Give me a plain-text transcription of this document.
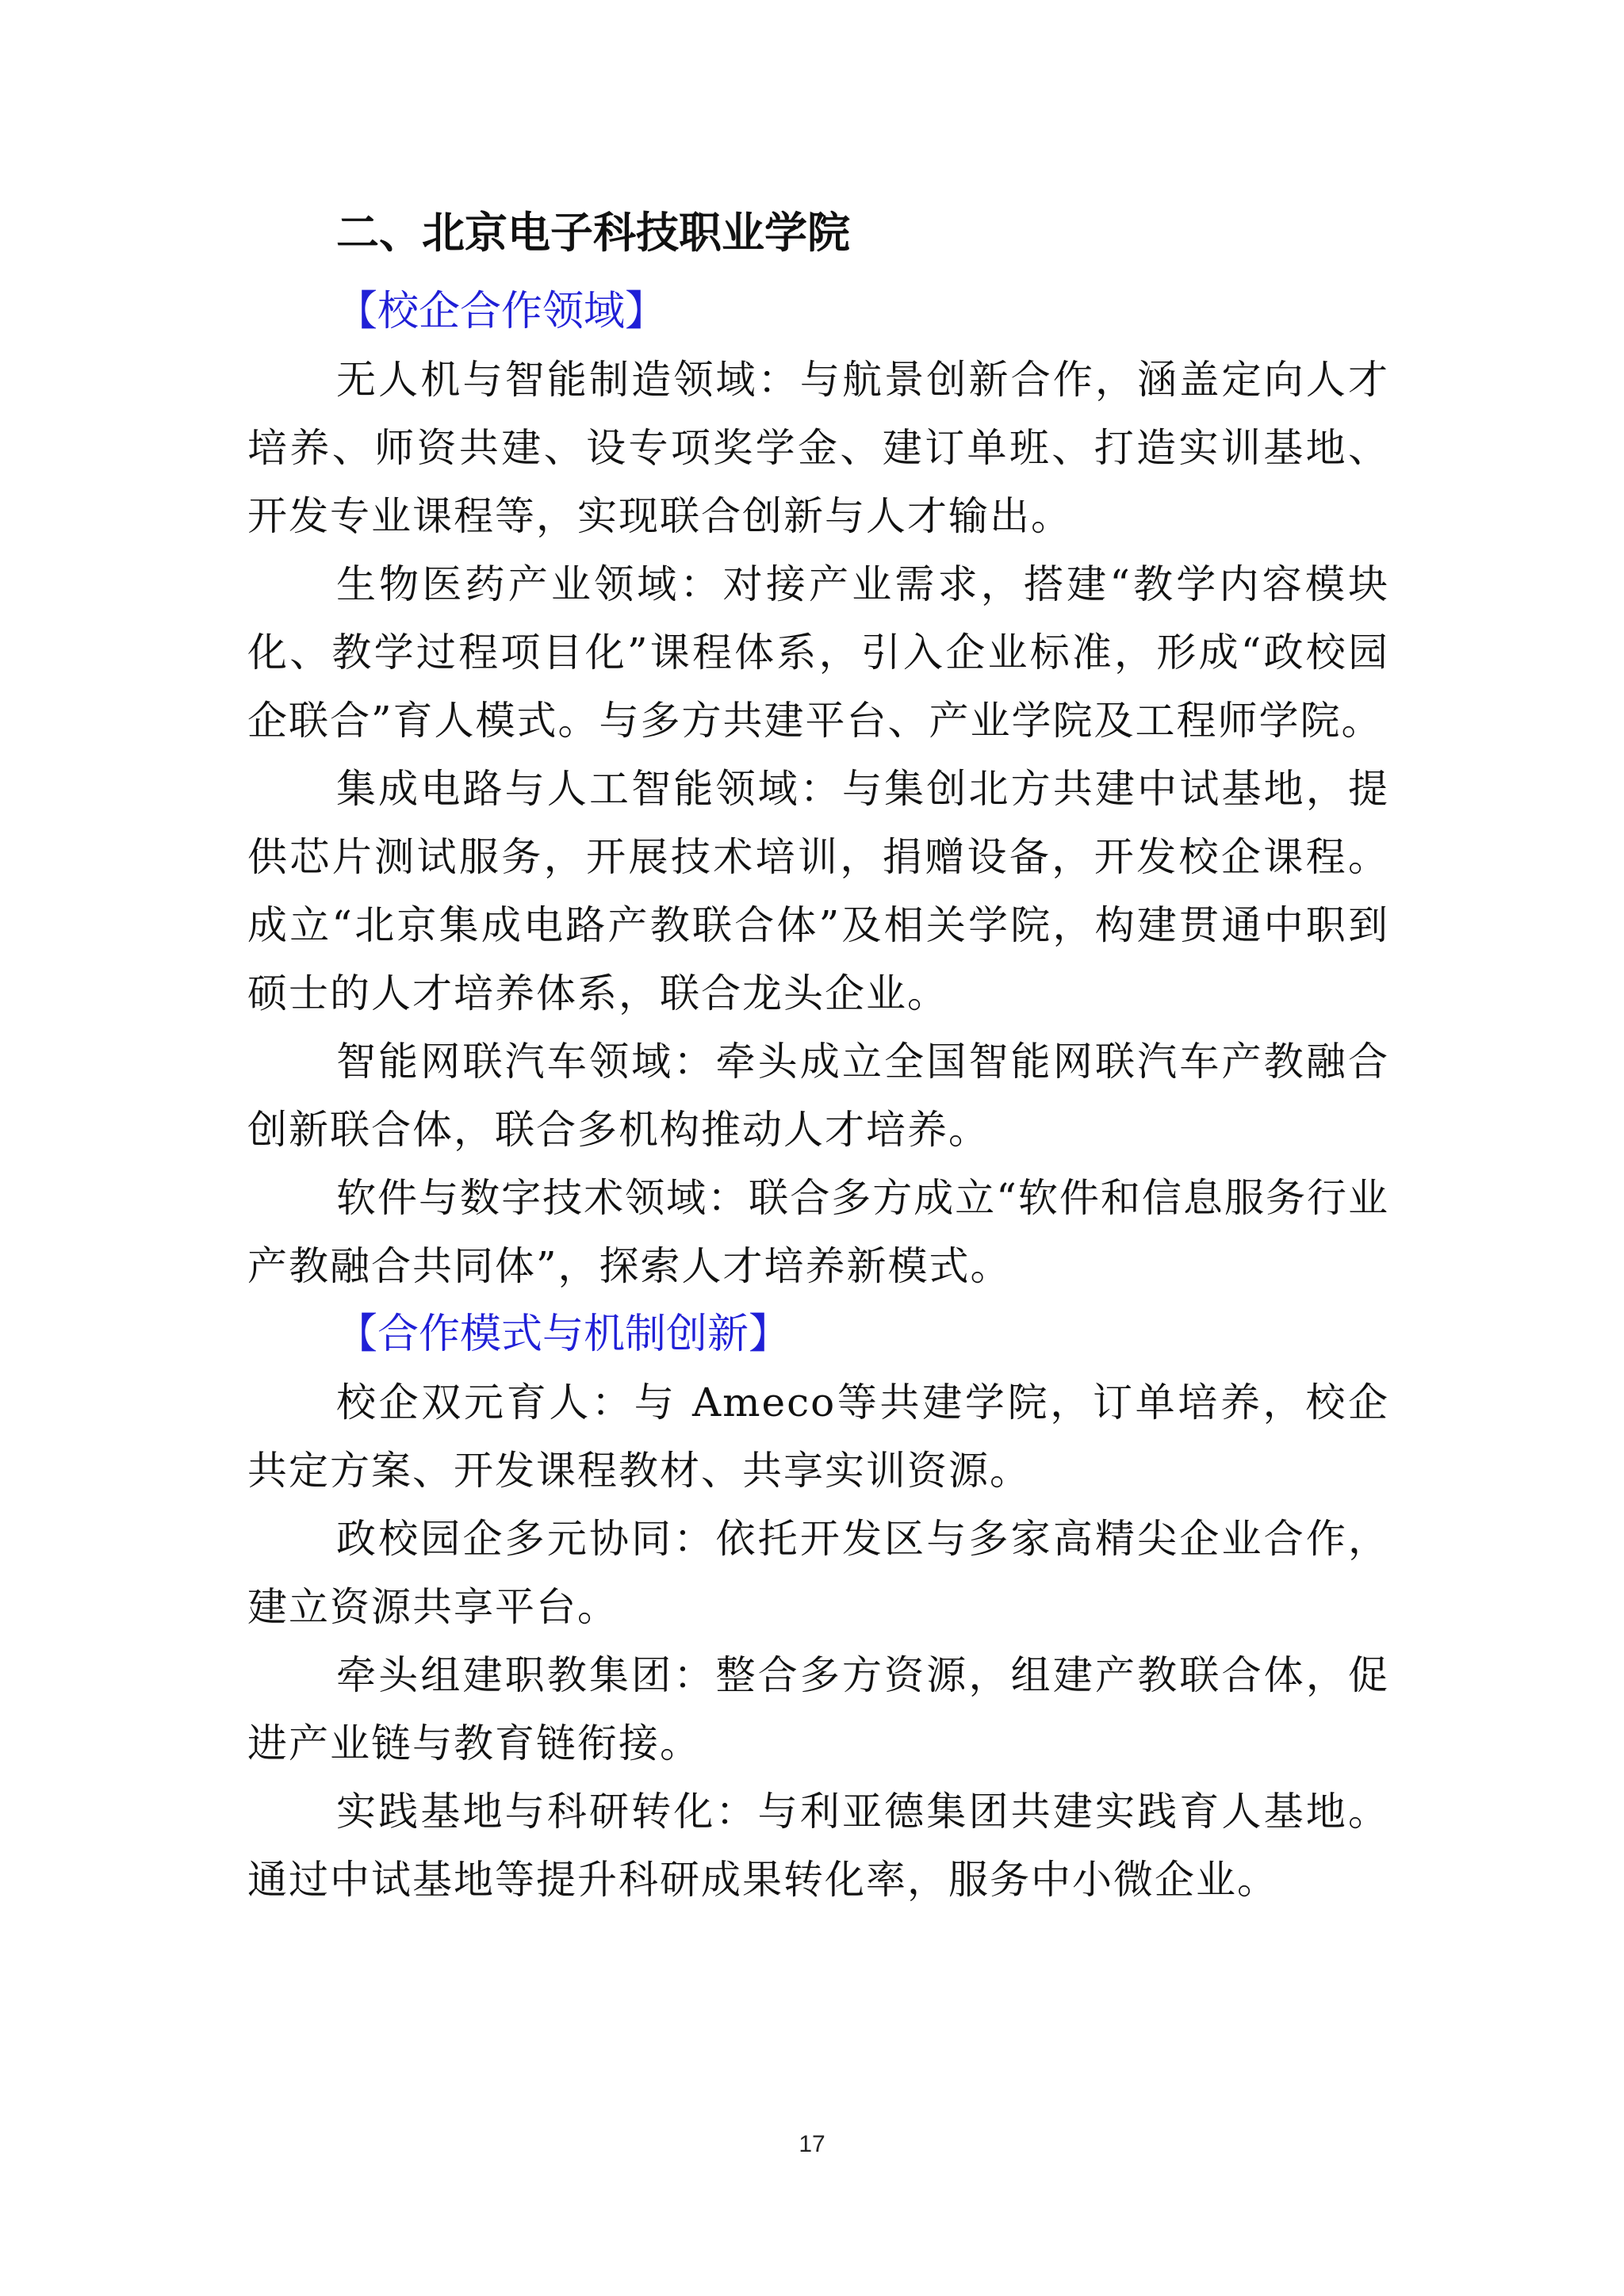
二、北京电子科技职业学院
【校企合作领域】

无人机与智能制造领域：与航景创新合作，涵盖定向人才培养、师资共建、设专项奖学金、建订单班、打造实训基地、开发专业课程等，实现联合创新与人才输出。

生物医药产业领域：对接产业需求，搭建“教学内容模块化、教学过程项目化”课程体系，引入企业标准，形成“政校园企联合”育人模式。与多方共建平台、产业学院及工程师学院。

集成电路与人工智能领域：与集创北方共建中试基地，提供芯片测试服务，开展技术培训，捐赠设备，开发校企课程。成立“北京集成电路产教联合体”及相关学院，构建贯通中职到硕士的人才培养体系，联合龙头企业。

智能网联汽车领域：牵头成立全国智能网联汽车产教融合创新联合体，联合多机构推动人才培养。

软件与数字技术领域：联合多方成立“软件和信息服务行业产教融合共同体”，探索人才培养新模式。

【合作模式与机制创新】

校企双元育人：与 Ameco等共建学院，订单培养，校企共定方案、开发课程教材、共享实训资源。

政校园企多元协同：依托开发区与多家高精尖企业合作，建立资源共享平台。

牵头组建职教集团：整合多方资源，组建产教联合体，促进产业链与教育链衔接。

实践基地与科研转化：与利亚德集团共建实践育人基地。通过中试基地等提升科研成果转化率，服务中小微企业。

17
